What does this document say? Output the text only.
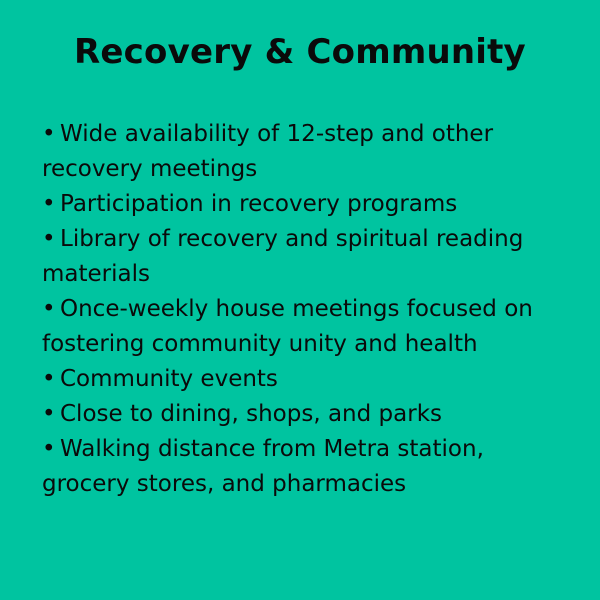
Recovery & Community
• Wide availability of 12-step and other recovery meetings
• Participation in recovery programs
• Library of recovery and spiritual reading materials
• Once-weekly house meetings focused on fostering community unity and health
• Community events
• Close to dining, shops, and parks
• Walking distance from Metra station, grocery stores, and pharmacies
